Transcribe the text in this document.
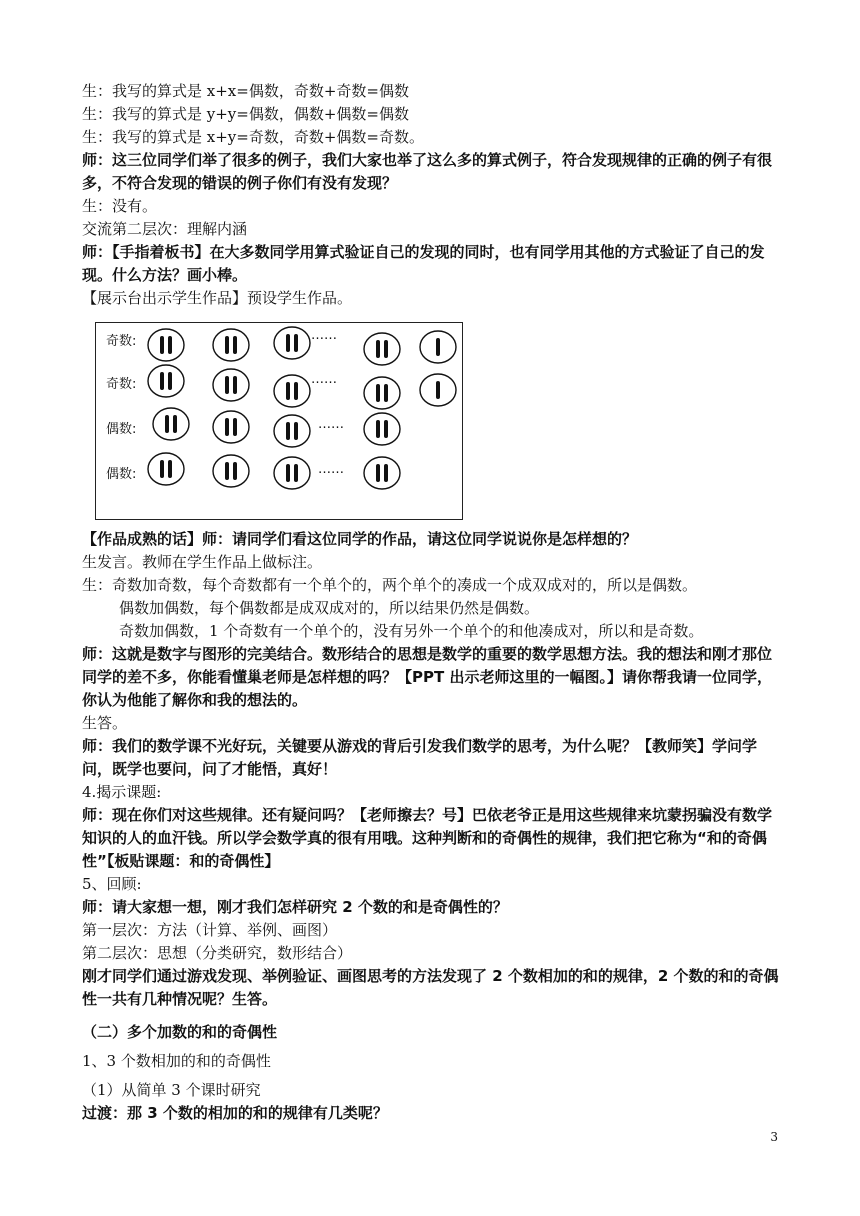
生：我写的算式是 x+x=偶数，奇数+奇数=偶数
生：我写的算式是 y+y=偶数，偶数+偶数=偶数
生：我写的算式是 x+y=奇数，奇数+偶数=奇数。
师：这三位同学们举了很多的例子，我们大家也举了这么多的算式例子，符合发现规律的正确的例子有很多，不符合发现的错误的例子你们有没有发现？
生：没有。
交流第二层次：理解内涵
师：【手指着板书】在大多数同学用算式验证自己的发现的同时，也有同学用其他的方式验证了自己的发现。什么方法？画小棒。
【展示台出示学生作品】预设学生作品。
奇数:	……
奇数:	……
偶数:	……
偶数:	……
【作品成熟的话】师：请同学们看这位同学的作品，请这位同学说说你是怎样想的？
生发言。教师在学生作品上做标注。
生：奇数加奇数，每个奇数都有一个单个的，两个单个的凑成一个成双成对的，所以是偶数。
偶数加偶数，每个偶数都是成双成对的，所以结果仍然是偶数。
奇数加偶数，1 个奇数有一个单个的，没有另外一个单个的和他凑成对，所以和是奇数。
师：这就是数字与图形的完美结合。数形结合的思想是数学的重要的数学思想方法。我的想法和刚才那位同学的差不多，你能看懂巢老师是怎样想的吗？【PPT 出示老师这里的一幅图。】请你帮我请一位同学，你认为他能了解你和我的想法的。
生答。
师：我们的数学课不光好玩，关键要从游戏的背后引发我们数学的思考，为什么呢？【教师笑】学问学问，既学也要问，问了才能悟，真好！
4.揭示课题:
师：现在你们对这些规律。还有疑问吗？【老师擦去？号】巴依老爷正是用这些规律来坑蒙拐骗没有数学知识的人的血汗钱。所以学会数学真的很有用哦。这种判断和的奇偶性的规律，我们把它称为“和的奇偶性”【板贴课题：和的奇偶性】
5、回顾:
师：请大家想一想，刚才我们怎样研究 2 个数的和是奇偶性的？
第一层次：方法（计算、举例、画图）
第二层次：思想（分类研究，数形结合）
刚才同学们通过游戏发现、举例验证、画图思考的方法发现了 2 个数相加的和的规律，2 个数的和的奇偶性一共有几种情况呢？生答。
（二）多个加数的和的奇偶性
1、3 个数相加的和的奇偶性
（1）从简单 3 个课时研究
过渡：那 3 个数的相加的和的规律有几类呢？
3
